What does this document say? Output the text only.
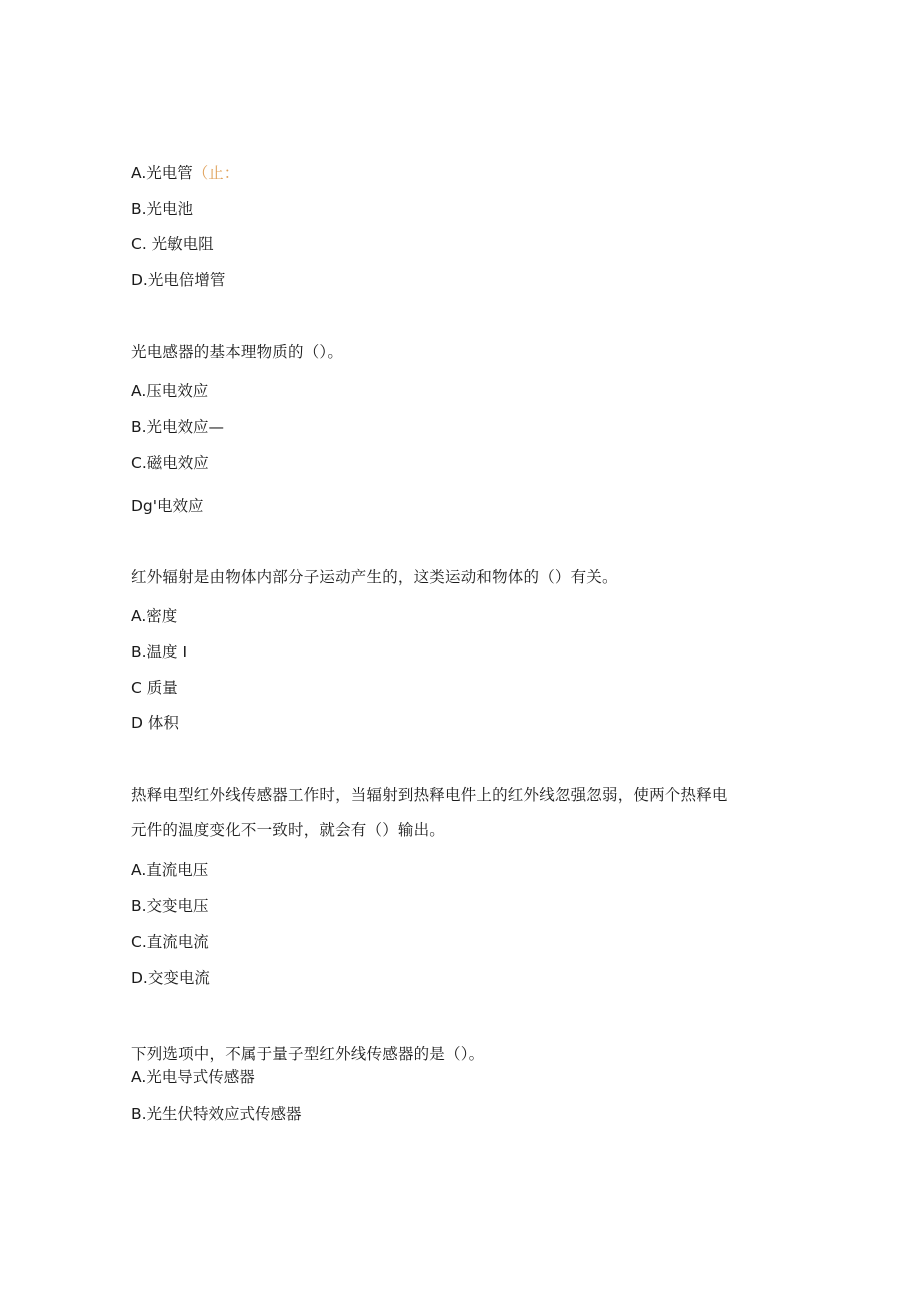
A.光电管（止：
B.光电池
C. 光敏电阻
D.光电倍增管
光电感器的基本理物质的（）。
A.压电效应
B.光电效应—
C.磁电效应
Dg'电效应
红外辐射是由物体内部分子运动产生的，这类运动和物体的（）有关。
A.密度
B.温度 I
C 质量
D 体积
热释电型红外线传感器工作时，当辐射到热释电件上的红外线忽强忽弱，使两个热释电
元件的温度变化不一致时，就会有（）输出。
A.直流电压
B.交变电压
C.直流电流
D.交变电流
下列选项中，不属于量子型红外线传感器的是（）。
A.光电导式传感器
B.光生伏特效应式传感器
